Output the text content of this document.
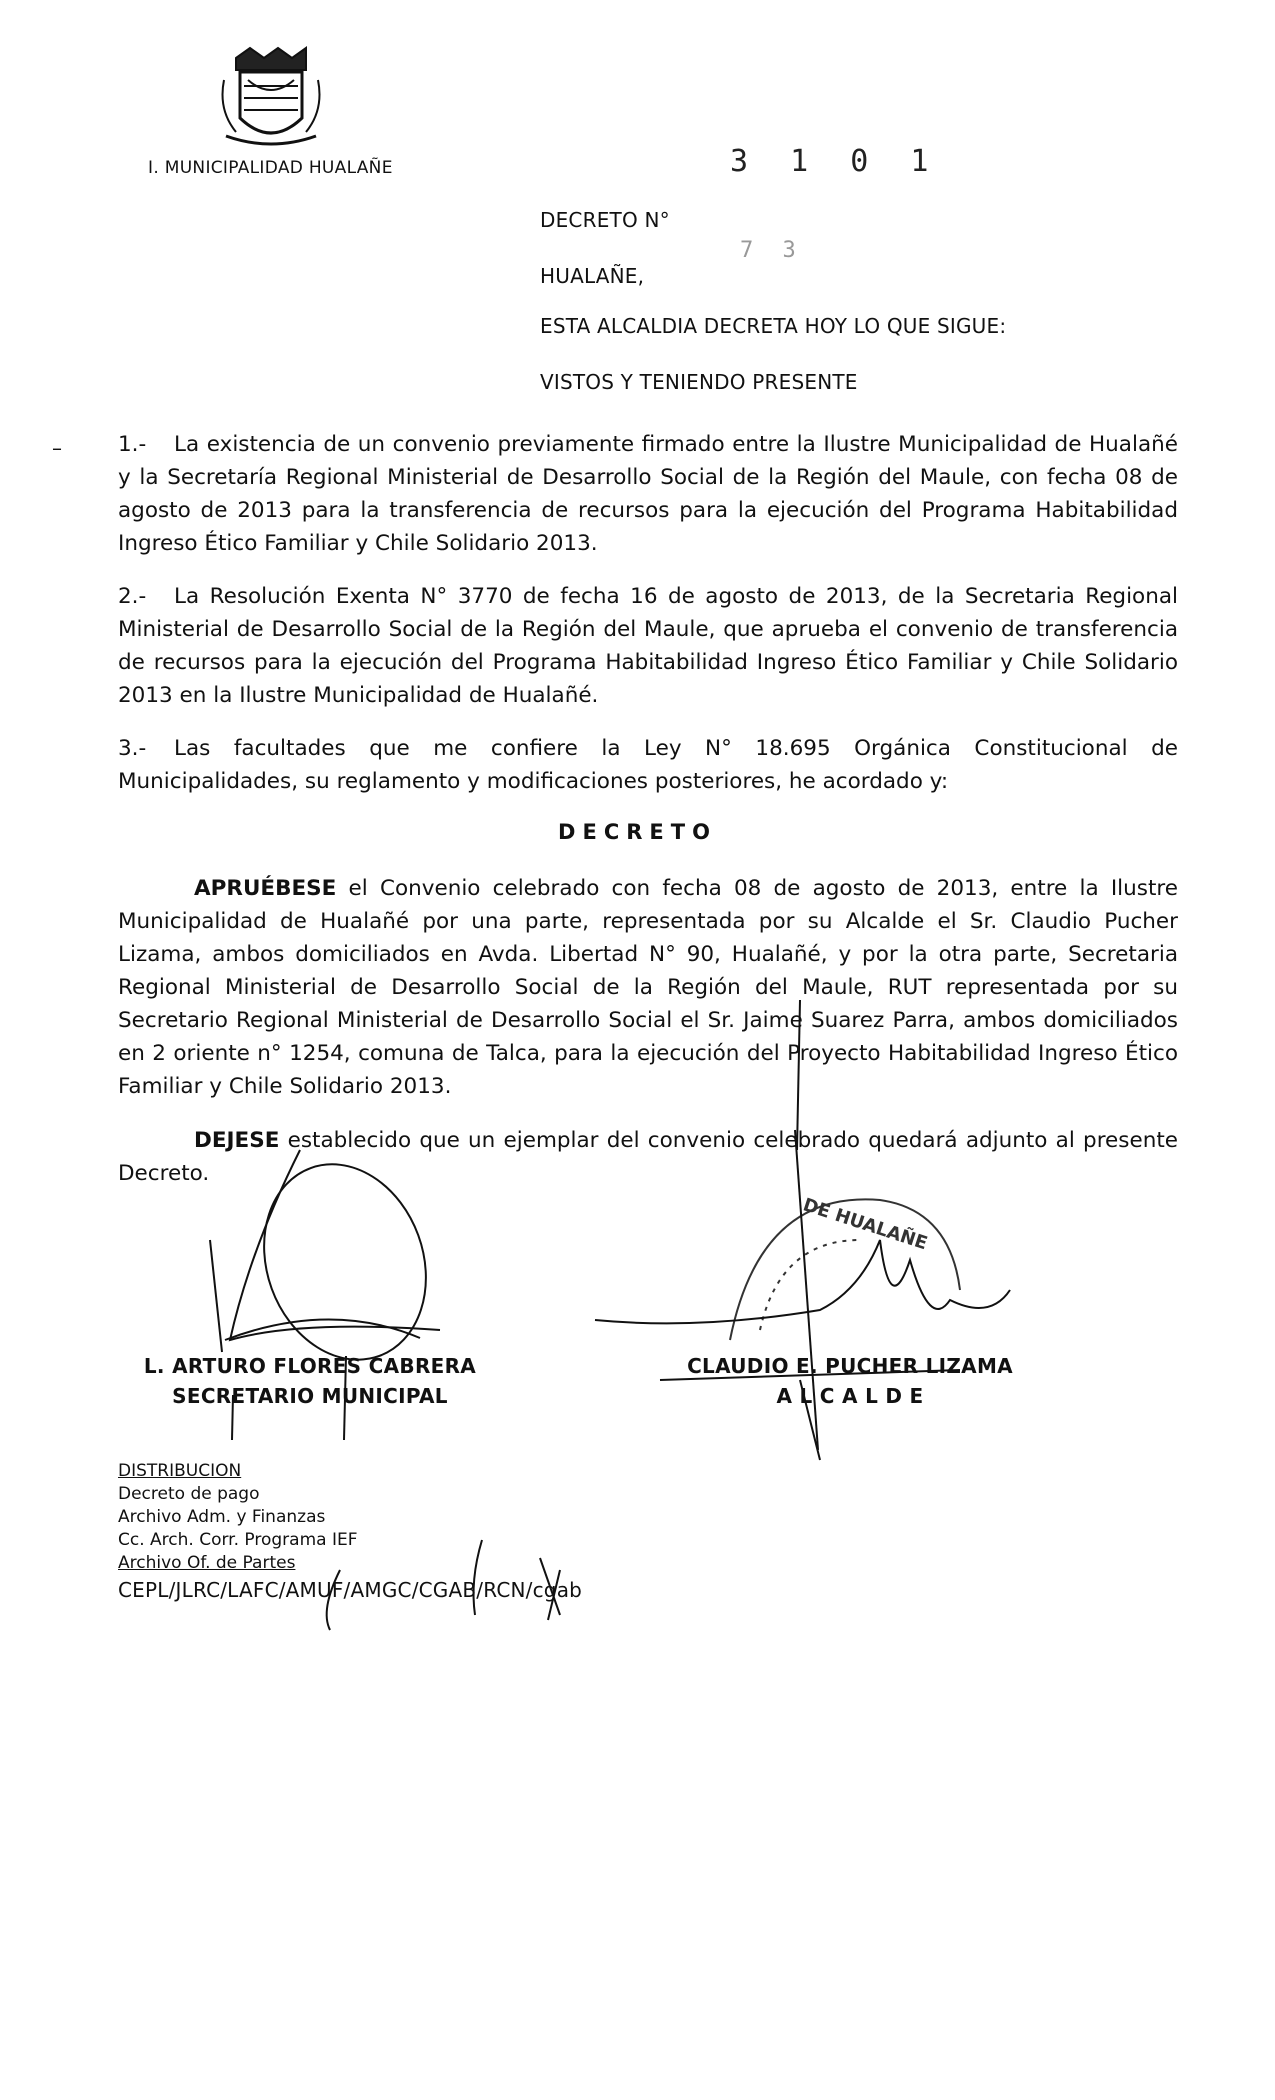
DE HUALAÑE
I. MUNICIPALIDAD HUALAÑE	3 1 0 1
DECRETO N°
7 3
HUALAÑE,
ESTA ALCALDIA DECRETA HOY LO QUE SIGUE:
VISTOS Y TENIENDO PRESENTE
–	1.- La existencia de un convenio previamente firmado entre la Ilustre Municipalidad de Hualañé y la Secretaría Regional Ministerial de Desarrollo Social de la Región del Maule, con fecha 08 de agosto de 2013 para la transferencia de recursos para la ejecución del Programa Habitabilidad Ingreso Ético Familiar y Chile Solidario 2013.
2.- La Resolución Exenta N° 3770 de fecha 16 de agosto de 2013, de la Secretaria Regional Ministerial de Desarrollo Social de la Región del Maule, que aprueba el convenio de transferencia de recursos para la ejecución del Programa Habitabilidad Ingreso Ético Familiar y Chile Solidario 2013 en la Ilustre Municipalidad de Hualañé.
3.- Las facultades que me confiere la Ley N° 18.695 Orgánica Constitucional de Municipalidades, su reglamento y modificaciones posteriores, he acordado y:
DECRETO
APRUÉBESE el Convenio celebrado con fecha 08 de agosto de 2013, entre la Ilustre Municipalidad de Hualañé por una parte, representada por su Alcalde el Sr. Claudio Pucher Lizama, ambos domiciliados en Avda. Libertad N° 90, Hualañé, y por la otra parte, Secretaria Regional Ministerial de Desarrollo Social de la Región del Maule, RUT representada por su Secretario Regional Ministerial de Desarrollo Social el Sr. Jaime Suarez Parra, ambos domiciliados en 2 oriente n° 1254, comuna de Talca, para la ejecución del Proyecto Habitabilidad Ingreso Ético Familiar y Chile Solidario 2013.
DEJESE establecido que un ejemplar del convenio celebrado quedará adjunto al presente Decreto.
L. ARTURO FLORES CABRERA
SECRETARIO MUNICIPAL
CLAUDIO E. PUCHER LIZAMA
A L C A L D E
DISTRIBUCION
Decreto de pago
Archivo Adm. y Finanzas
Cc. Arch. Corr. Programa IEF
Archivo Of. de Partes
CEPL/JLRC/LAFC/AMUF/AMGC/CGAB/RCN/cgab
